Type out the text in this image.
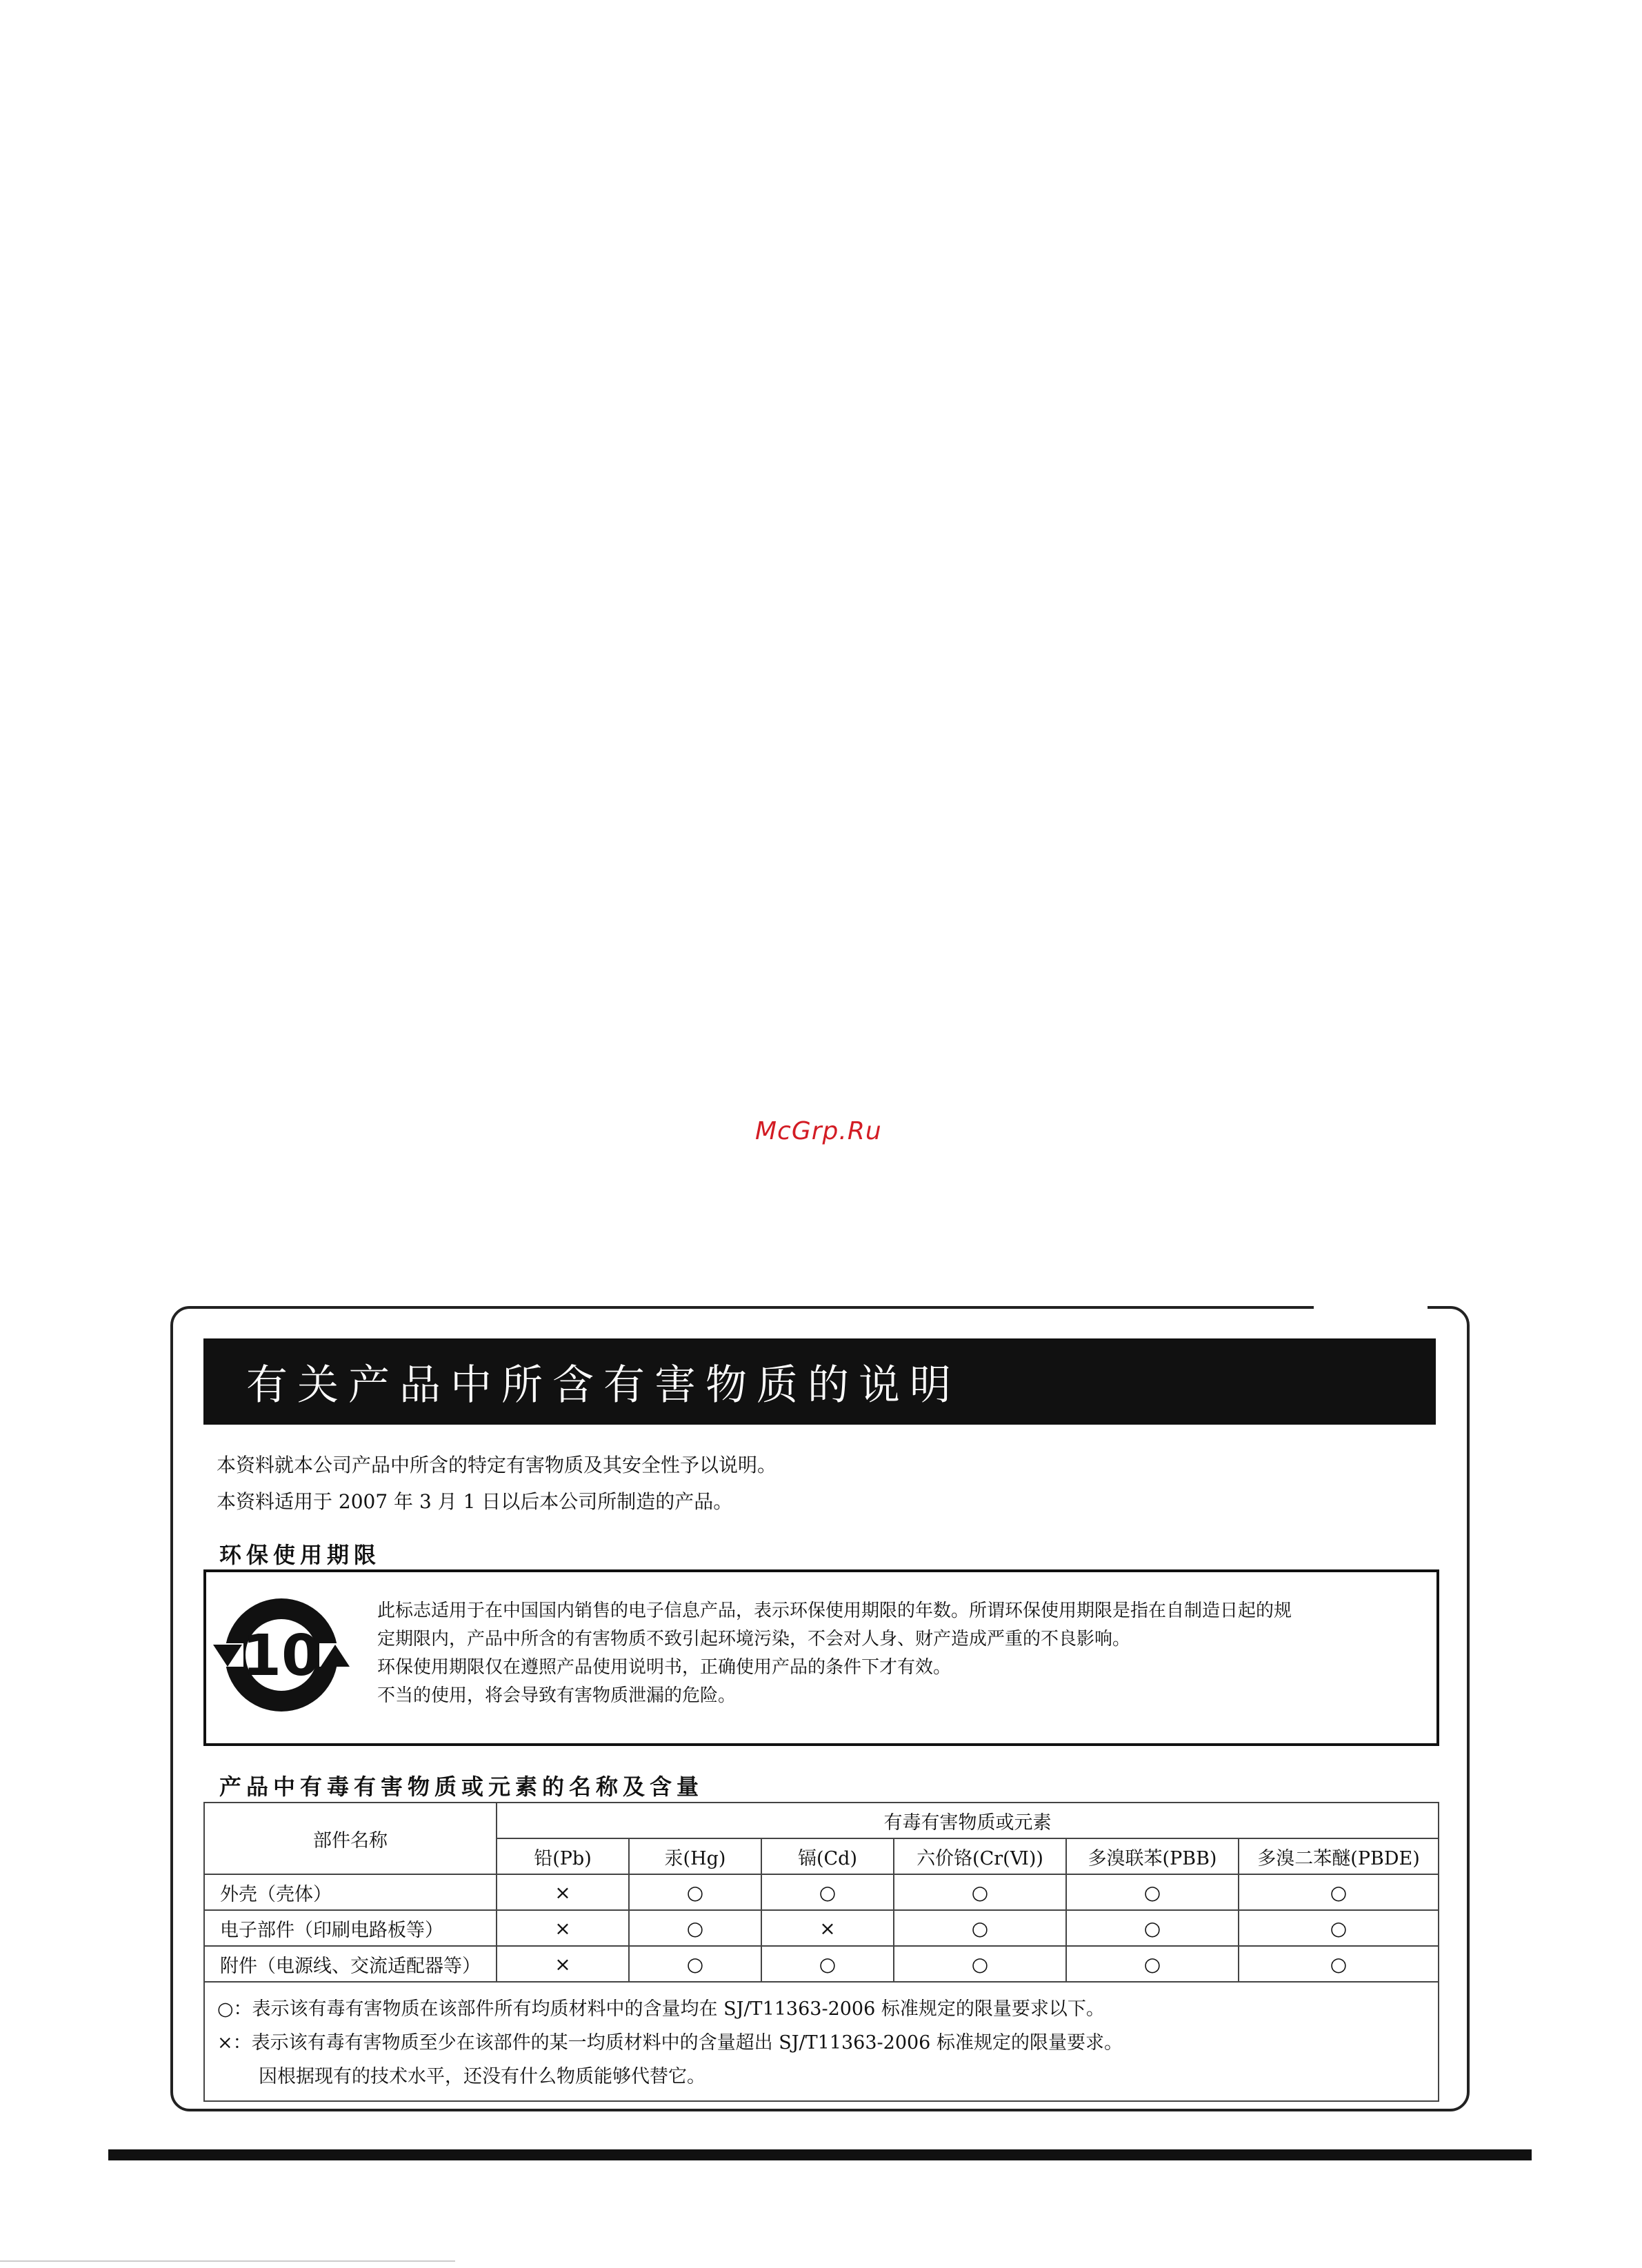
McGrp.Ru
有关产品中所含有害物质的说明
本资料就本公司产品中所含的特定有害物质及其安全性予以说明。
本资料适用于 2007 年 3 月 1 日以后本公司所制造的产品。
环保使用期限
10
此标志适用于在中国国内销售的电子信息产品，表示环保使用期限的年数。所谓环保使用期限是指在自制造日起的规
定期限内，产品中所含的有害物质不致引起环境污染，不会对人身、财产造成严重的不良影响。
环保使用期限仅在遵照产品使用说明书，正确使用产品的条件下才有效。
不当的使用，将会导致有害物质泄漏的危险。
产品中有毒有害物质或元素的名称及含量
部件名称	有毒有害物质或元素					
	铅(Pb)	汞(Hg)	镉(Cd)	六价铬(Cr(Ⅵ))	多溴联苯(PBB)	多溴二苯醚(PBDE)
外壳（壳体）	×	○	○	○	○	○
电子部件（印刷电路板等）	×	○	×	○	○	○
附件（电源线、交流适配器等）	×	○	○	○	○	○

○：表示该有毒有害物质在该部件所有均质材料中的含量均在 SJ/T11363-2006 标准规定的限量要求以下。
×：表示该有毒有害物质至少在该部件的某一均质材料中的含量超出 SJ/T11363-2006 标准规定的限量要求。
因根据现有的技术水平，还没有什么物质能够代替它。						
